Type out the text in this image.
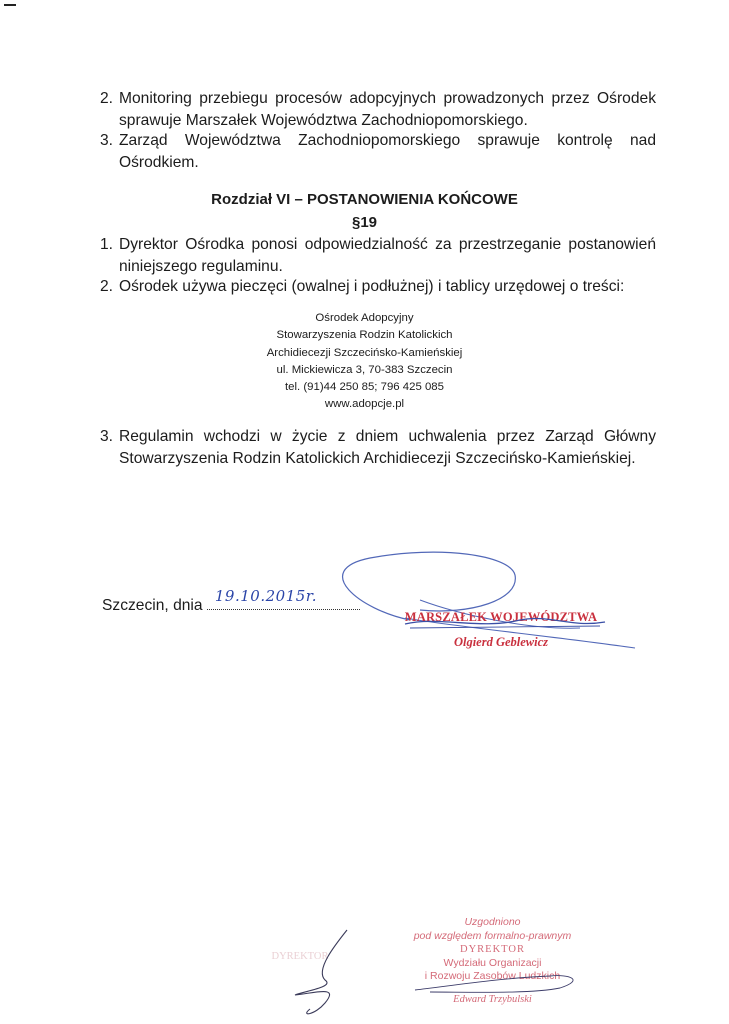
2. Monitoring przebiegu procesów adopcyjnych prowadzonych przez Ośrodek sprawuje Marszałek Województwa Zachodniopomorskiego.
3. Zarząd Województwa Zachodniopomorskiego sprawuje kontrolę nad Ośrodkiem.
Rozdział VI – POSTANOWIENIA KOŃCOWE
§19
1. Dyrektor Ośrodka ponosi odpowiedzialność za przestrzeganie postanowień niniejszego regulaminu.
2. Ośrodek używa pieczęci (owalnej i podłużnej) i tablicy urzędowej o treści:
Ośrodek Adopcyjny
Stowarzyszenia Rodzin Katolickich
Archidiecezji Szczecińsko-Kamieńskiej
ul. Mickiewicza 3, 70-383 Szczecin
tel. (91)44 250 85; 796 425 085
www.adopcje.pl
3. Regulamin wchodzi w życie z dniem uchwalenia przez Zarząd Główny Stowarzyszenia Rodzin Katolickich Archidiecezji Szczecińsko-Kamieńskiej.
Szczecin, dnia
19.10.2015r.
MARSZAŁEK WOJEWÓDZTWA
Olgierd Geblewicz
Uzgodniono
pod względem formalno-prawnym
DYREKTOR
Wydziału Organizacji
i Rozwoju Zasobów Ludzkich
Edward Trzybulski
DYREKTOR
